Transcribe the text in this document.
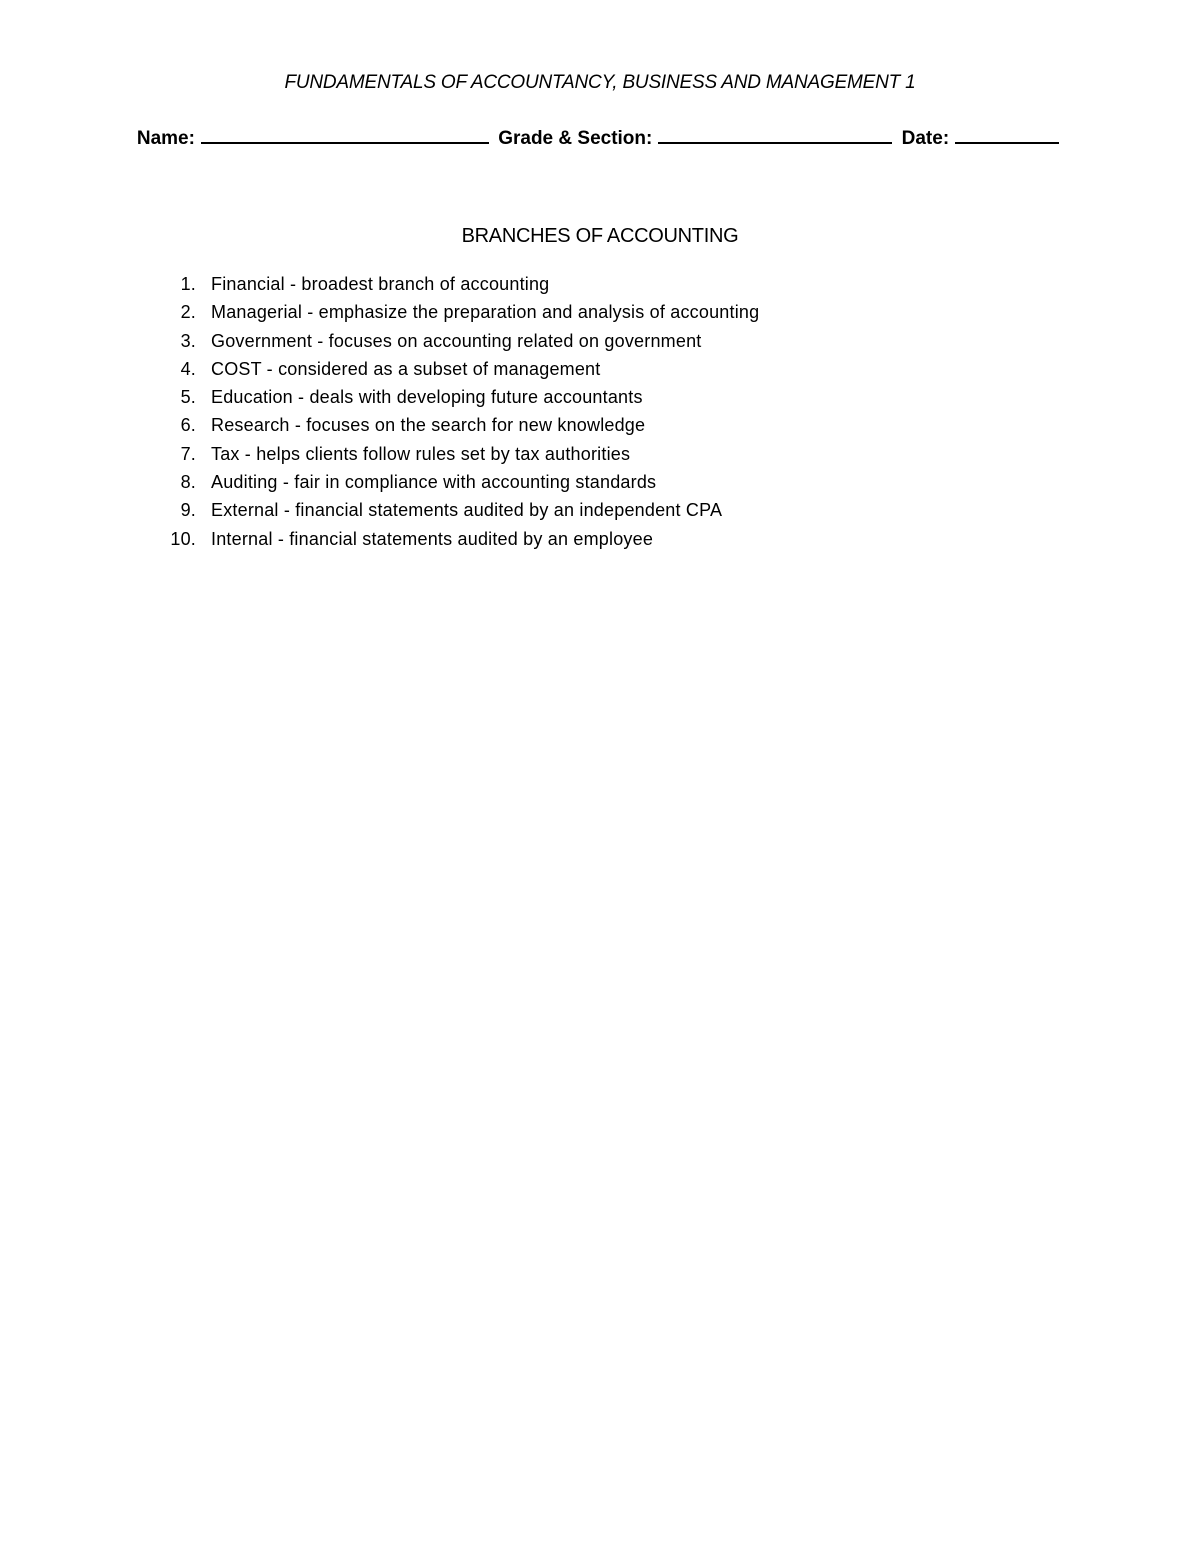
FUNDAMENTALS OF ACCOUNTANCY, BUSINESS AND MANAGEMENT 1
Name:	Grade & Section:	Date:
BRANCHES OF ACCOUNTING
1. Financial - broadest branch of accounting
2. Managerial - emphasize the preparation and analysis of accounting
3. Government - focuses on accounting related on government
4. COST - considered as a subset of management
5. Education - deals with developing future accountants
6. Research - focuses on the search for new knowledge
7. Tax - helps clients follow rules set by tax authorities
8. Auditing - fair in compliance with accounting standards
9. External - financial statements audited by an independent CPA
10. Internal - financial statements audited by an employee
